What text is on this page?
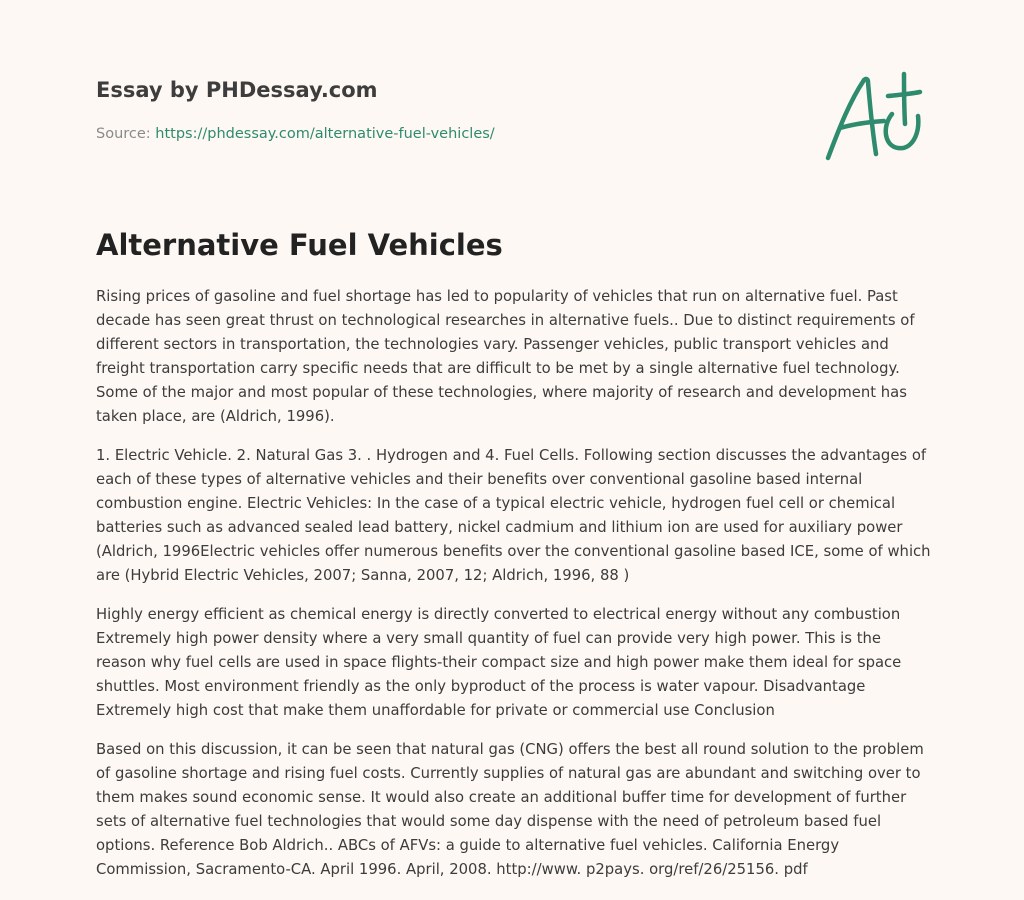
Essay by PHDessay.com
Source: https://phdessay.com/alternative-fuel-vehicles/
Alternative Fuel Vehicles

Rising prices of gasoline and fuel shortage has led to popularity of vehicles that run on alternative fuel. Past decade has seen great thrust on technological researches in alternative fuels.. Due to distinct requirements of different sectors in transportation, the technologies vary. Passenger vehicles, public transport vehicles and freight transportation carry specific needs that are difficult to be met by a single alternative fuel technology. Some of the major and most popular of these technologies, where majority of research and development has taken place, are (Aldrich, 1996).

1. Electric Vehicle. 2. Natural Gas 3. . Hydrogen and 4. Fuel Cells. Following section discusses the advantages of each of these types of alternative vehicles and their benefits over conventional gasoline based internal combustion engine. Electric Vehicles: In the case of a typical electric vehicle, hydrogen fuel cell or chemical batteries such as advanced sealed lead battery, nickel cadmium and lithium ion are used for auxiliary power (Aldrich, 1996Electric vehicles offer numerous benefits over the conventional gasoline based ICE, some of which are (Hybrid Electric Vehicles, 2007; Sanna, 2007, 12; Aldrich, 1996, 88 )

Highly energy efficient as chemical energy is directly converted to electrical energy without any combustion Extremely high power density where a very small quantity of fuel can provide very high power. This is the reason why fuel cells are used in space flights-their compact size and high power make them ideal for space shuttles. Most environment friendly as the only byproduct of the process is water vapour. Disadvantage Extremely high cost that make them unaffordable for private or commercial use Conclusion

Based on this discussion, it can be seen that natural gas (CNG) offers the best all round solution to the problem of gasoline shortage and rising fuel costs. Currently supplies of natural gas are abundant and switching over to them makes sound economic sense. It would also create an additional buffer time for development of further sets of alternative fuel technologies that would some day dispense with the need of petroleum based fuel options. Reference Bob Aldrich.. ABCs of AFVs: a guide to alternative fuel vehicles. California Energy Commission, Sacramento-CA. April 1996. April, 2008. http://www. p2pays. org/ref/26/25156. pdf
